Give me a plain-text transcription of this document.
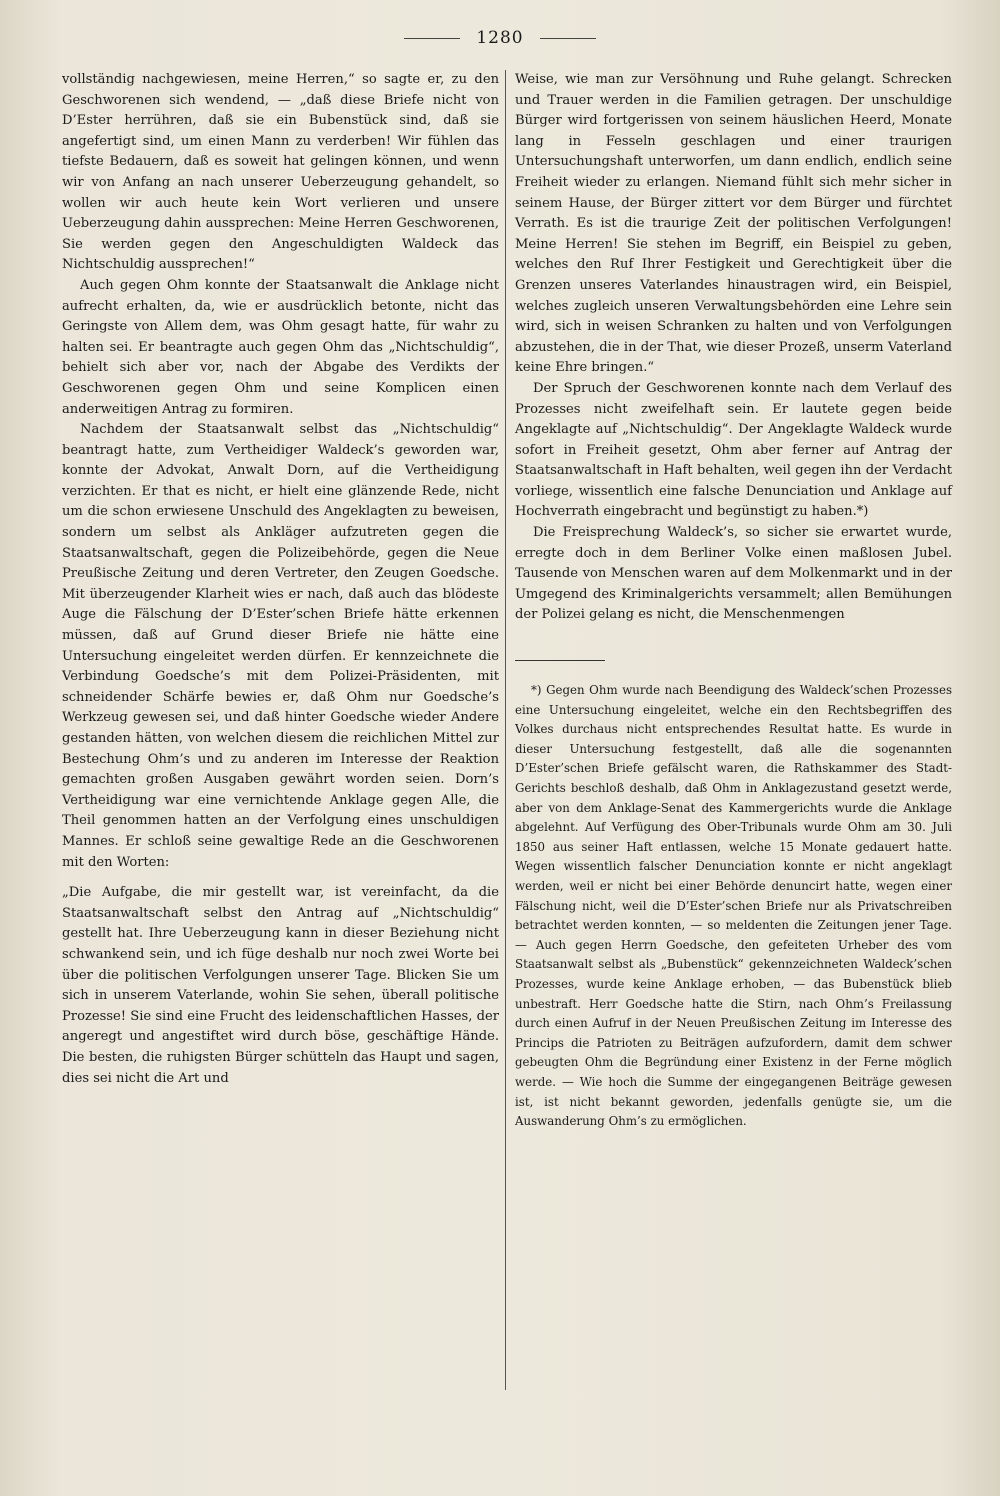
1280

vollständig nachgewiesen, meine Herren,“ so sagte er, zu den Geschworenen sich wendend, — „daß diese Briefe nicht von D’Ester herrühren, daß sie ein Bubenstück sind, daß sie angefertigt sind, um einen Mann zu verderben! Wir fühlen das tiefste Bedauern, daß es soweit hat gelingen können, und wenn wir von Anfang an nach unserer Ueberzeugung gehandelt, so wollen wir auch heute kein Wort verlieren und unsere Ueberzeugung dahin aussprechen: Meine Herren Geschworenen, Sie werden gegen den Angeschuldigten Waldeck das Nichtschuldig aussprechen!“

Auch gegen Ohm konnte der Staatsanwalt die Anklage nicht aufrecht erhalten, da, wie er ausdrücklich betonte, nicht das Geringste von Allem dem, was Ohm gesagt hatte, für wahr zu halten sei. Er beantragte auch gegen Ohm das „Nichtschuldig“, behielt sich aber vor, nach der Abgabe des Verdikts der Geschworenen gegen Ohm und seine Komplicen einen anderweitigen Antrag zu formiren.

Nachdem der Staatsanwalt selbst das „Nichtschuldig“ beantragt hatte, zum Vertheidiger Waldeck’s geworden war, konnte der Advokat, Anwalt Dorn, auf die Vertheidigung verzichten. Er that es nicht, er hielt eine glänzende Rede, nicht um die schon erwiesene Unschuld des Angeklagten zu beweisen, sondern um selbst als Ankläger aufzutreten gegen die Staatsanwaltschaft, gegen die Polizeibehörde, gegen die Neue Preußische Zeitung und deren Vertreter, den Zeugen Goedsche. Mit überzeugender Klarheit wies er nach, daß auch das blödeste Auge die Fälschung der D’Ester’schen Briefe hätte erkennen müssen, daß auf Grund dieser Briefe nie hätte eine Untersuchung eingeleitet werden dürfen. Er kennzeichnete die Verbindung Goedsche’s mit dem Polizei-Präsidenten, mit schneidender Schärfe bewies er, daß Ohm nur Goedsche’s Werkzeug gewesen sei, und daß hinter Goedsche wieder Andere gestanden hätten, von welchen diesem die reichlichen Mittel zur Bestechung Ohm’s und zu anderen im Interesse der Reaktion gemachten großen Ausgaben gewährt worden seien. Dorn’s Vertheidigung war eine vernichtende Anklage gegen Alle, die Theil genommen hatten an der Verfolgung eines unschuldigen Mannes. Er schloß seine gewaltige Rede an die Geschworenen mit den Worten:

„Die Aufgabe, die mir gestellt war, ist vereinfacht, da die Staatsanwaltschaft selbst den Antrag auf „Nichtschuldig“ gestellt hat. Ihre Ueberzeugung kann in dieser Beziehung nicht schwankend sein, und ich füge deshalb nur noch zwei Worte bei über die politischen Verfolgungen unserer Tage. Blicken Sie um sich in unserem Vaterlande, wohin Sie sehen, überall politische Prozesse! Sie sind eine Frucht des leidenschaftlichen Hasses, der angeregt und angestiftet wird durch böse, geschäftige Hände. Die besten, die ruhigsten Bürger schütteln das Haupt und sagen, dies sei nicht die Art und

Weise, wie man zur Versöhnung und Ruhe gelangt. Schrecken und Trauer werden in die Familien getragen. Der unschuldige Bürger wird fortgerissen von seinem häuslichen Heerd, Monate lang in Fesseln geschlagen und einer traurigen Untersuchungshaft unterworfen, um dann endlich, endlich seine Freiheit wieder zu erlangen. Niemand fühlt sich mehr sicher in seinem Hause, der Bürger zittert vor dem Bürger und fürchtet Verrath. Es ist die traurige Zeit der politischen Verfolgungen! Meine Herren! Sie stehen im Begriff, ein Beispiel zu geben, welches den Ruf Ihrer Festigkeit und Gerechtigkeit über die Grenzen unseres Vaterlandes hinaustragen wird, ein Beispiel, welches zugleich unseren Verwaltungsbehörden eine Lehre sein wird, sich in weisen Schranken zu halten und von Verfolgungen abzustehen, die in der That, wie dieser Prozeß, unserm Vaterland keine Ehre bringen.“

Der Spruch der Geschworenen konnte nach dem Verlauf des Prozesses nicht zweifelhaft sein. Er lautete gegen beide Angeklagte auf „Nichtschuldig“. Der Angeklagte Waldeck wurde sofort in Freiheit gesetzt, Ohm aber ferner auf Antrag der Staatsanwaltschaft in Haft behalten, weil gegen ihn der Verdacht vorliege, wissentlich eine falsche Denunciation und Anklage auf Hochverrath eingebracht und begünstigt zu haben.*)

Die Freisprechung Waldeck’s, so sicher sie erwartet wurde, erregte doch in dem Berliner Volke einen maßlosen Jubel. Tausende von Menschen waren auf dem Molkenmarkt und in der Umgegend des Kriminalgerichts versammelt; allen Bemühungen der Polizei gelang es nicht, die Menschenmengen

*) Gegen Ohm wurde nach Beendigung des Waldeck’schen Prozesses eine Untersuchung eingeleitet, welche ein den Rechtsbegriffen des Volkes durchaus nicht entsprechendes Resultat hatte. Es wurde in dieser Untersuchung festgestellt, daß alle die sogenannten D’Ester’schen Briefe gefälscht waren, die Rathskammer des Stadt-Gerichts beschloß deshalb, daß Ohm in Anklagezustand gesetzt werde, aber von dem Anklage-Senat des Kammergerichts wurde die Anklage abgelehnt. Auf Verfügung des Ober-Tribunals wurde Ohm am 30. Juli 1850 aus seiner Haft entlassen, welche 15 Monate gedauert hatte. Wegen wissentlich falscher Denunciation konnte er nicht angeklagt werden, weil er nicht bei einer Behörde denuncirt hatte, wegen einer Fälschung nicht, weil die D’Ester’schen Briefe nur als Privatschreiben betrachtet werden konnten, — so meldenten die Zeitungen jener Tage. — Auch gegen Herrn Goedsche, den gefeiteten Urheber des vom Staatsanwalt selbst als „Bubenstück“ gekennzeichneten Waldeck’schen Prozesses, wurde keine Anklage erhoben, — das Bubenstück blieb unbestraft. Herr Goedsche hatte die Stirn, nach Ohm’s Freilassung durch einen Aufruf in der Neuen Preußischen Zeitung im Interesse des Princips die Patrioten zu Beiträgen aufzufordern, damit dem schwer gebeugten Ohm die Begründung einer Existenz in der Ferne möglich werde. — Wie hoch die Summe der eingegangenen Beiträge gewesen ist, ist nicht bekannt geworden, jedenfalls genügte sie, um die Auswanderung Ohm’s zu ermöglichen.
